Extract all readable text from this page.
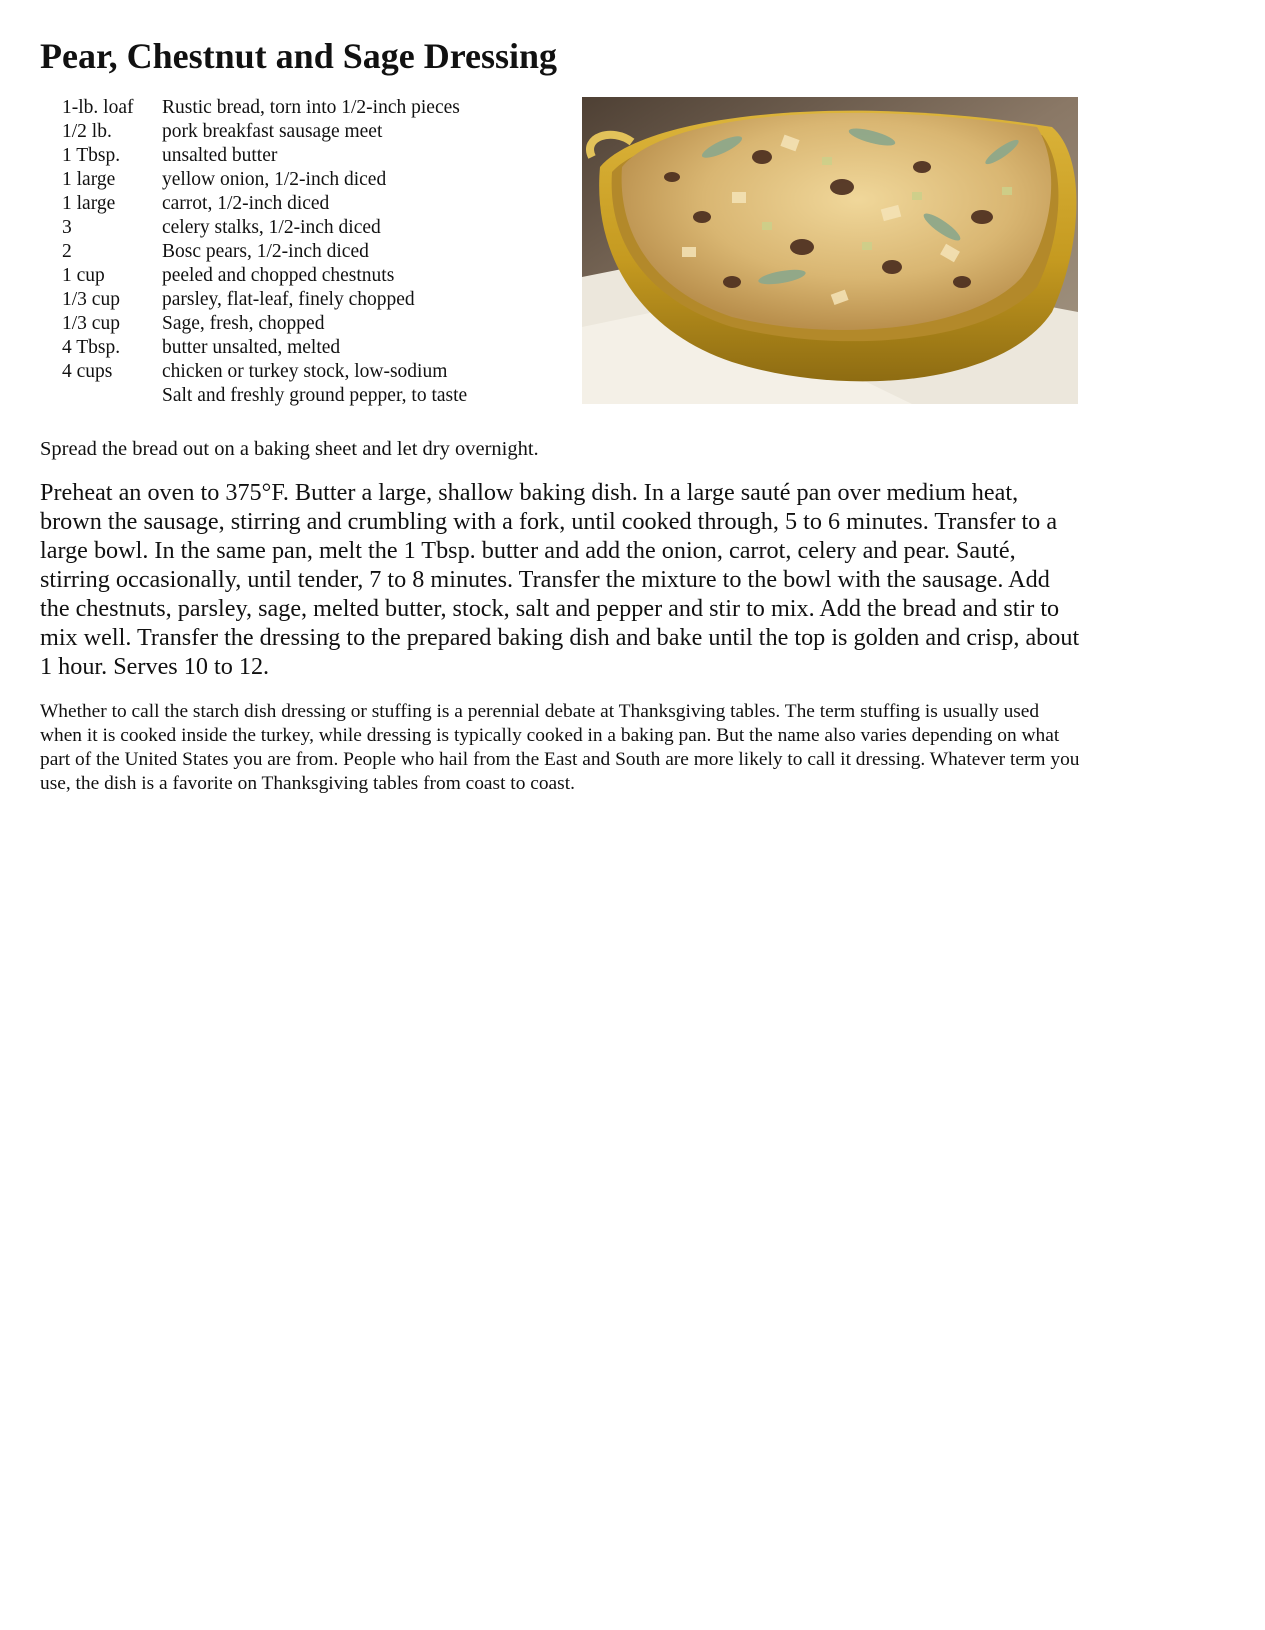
Pear, Chestnut and Sage Dressing
1-lb. loaf	Rustic bread, torn into 1/2-inch pieces
1/2 lb.	pork breakfast sausage meet
1 Tbsp.	unsalted butter
1 large	yellow onion, 1/2-inch diced
1 large	carrot, 1/2-inch diced
3	celery stalks, 1/2-inch diced
2	Bosc pears, 1/2-inch diced
1 cup	peeled and chopped chestnuts
1/3 cup	parsley, flat-leaf, finely chopped
1/3 cup	Sage, fresh, chopped
4 Tbsp.	butter unsalted, melted
4 cups	chicken or turkey stock, low-sodium
Salt and freshly ground pepper, to taste

Spread the bread out on a baking sheet and let dry overnight.

Preheat an oven to 375°F. Butter a large, shallow baking dish. In a large sauté pan over medium heat, brown the sausage, stirring and crumbling with a fork, until cooked through, 5 to 6 minutes. Transfer to a large bowl. In the same pan, melt the 1 Tbsp. butter and add the onion, carrot, celery and pear. Sauté, stirring occasionally, until tender, 7 to 8 minutes. Transfer the mixture to the bowl with the sausage. Add the chestnuts, parsley, sage, melted butter, stock, salt and pepper and stir to mix. Add the bread and stir to mix well. Transfer the dressing to the prepared baking dish and bake until the top is golden and crisp, about 1 hour. Serves 10 to 12.

Whether to call the starch dish dressing or stuffing is a perennial debate at Thanksgiving tables. The term stuffing is usually used when it is cooked inside the turkey, while dressing is typically cooked in a baking pan. But the name also varies depending on what part of the United States you are from. People who hail from the East and South are more likely to call it dressing. Whatever term you use, the dish is a favorite on Thanksgiving tables from coast to coast.
